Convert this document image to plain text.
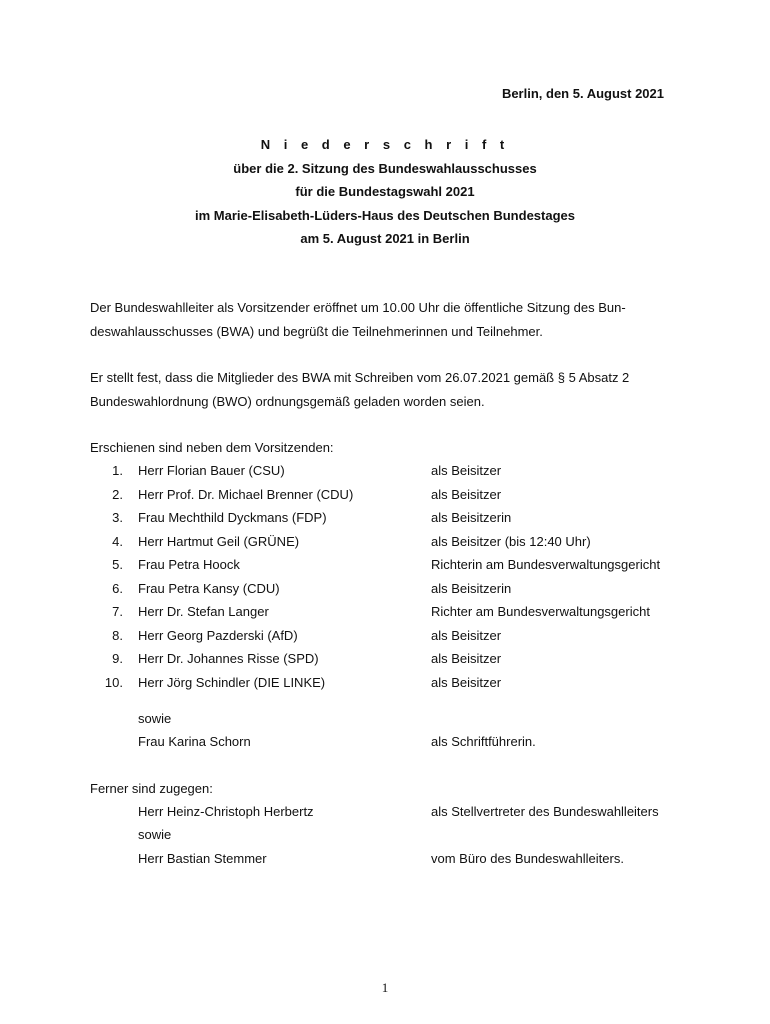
Berlin, den 5. August 2021
N i e d e r s c h r i f t
über die 2. Sitzung des Bundeswahlausschusses
für die Bundestagswahl 2021
im Marie-Elisabeth-Lüders-Haus des Deutschen Bundestages
am 5. August 2021 in Berlin

Der Bundeswahlleiter als Vorsitzender eröffnet um 10.00 Uhr die öffentliche Sitzung des Bun-
deswahlausschusses (BWA) und begrüßt die Teilnehmerinnen und Teilnehmer.

Er stellt fest, dass die Mitglieder des BWA mit Schreiben vom 26.07.2021 gemäß § 5 Absatz 2
Bundeswahlordnung (BWO) ordnungsgemäß geladen worden seien.

Erschienen sind neben dem Vorsitzenden:
1. Herr Florian Bauer (CSU)	als Beisitzer
2. Herr Prof. Dr. Michael Brenner (CDU)	als Beisitzer
3. Frau Mechthild Dyckmans (FDP)	als Beisitzerin
4. Herr Hartmut Geil (GRÜNE)	als Beisitzer (bis 12:40 Uhr)
5. Frau Petra Hoock	Richterin am Bundesverwaltungsgericht
6. Frau Petra Kansy (CDU)	als Beisitzerin
7. Herr Dr. Stefan Langer	Richter am Bundesverwaltungsgericht
8. Herr Georg Pazderski (AfD)	als Beisitzer
9. Herr Dr. Johannes Risse (SPD)	als Beisitzer
10. Herr Jörg Schindler (DIE LINKE)	als Beisitzer
sowie
Frau Karina Schorn	als Schriftführerin.
Ferner sind zugegen:
Herr Heinz-Christoph Herbertz	als Stellvertreter des Bundeswahlleiters
sowie
Herr Bastian Stemmer	vom Büro des Bundeswahlleiters.
1
